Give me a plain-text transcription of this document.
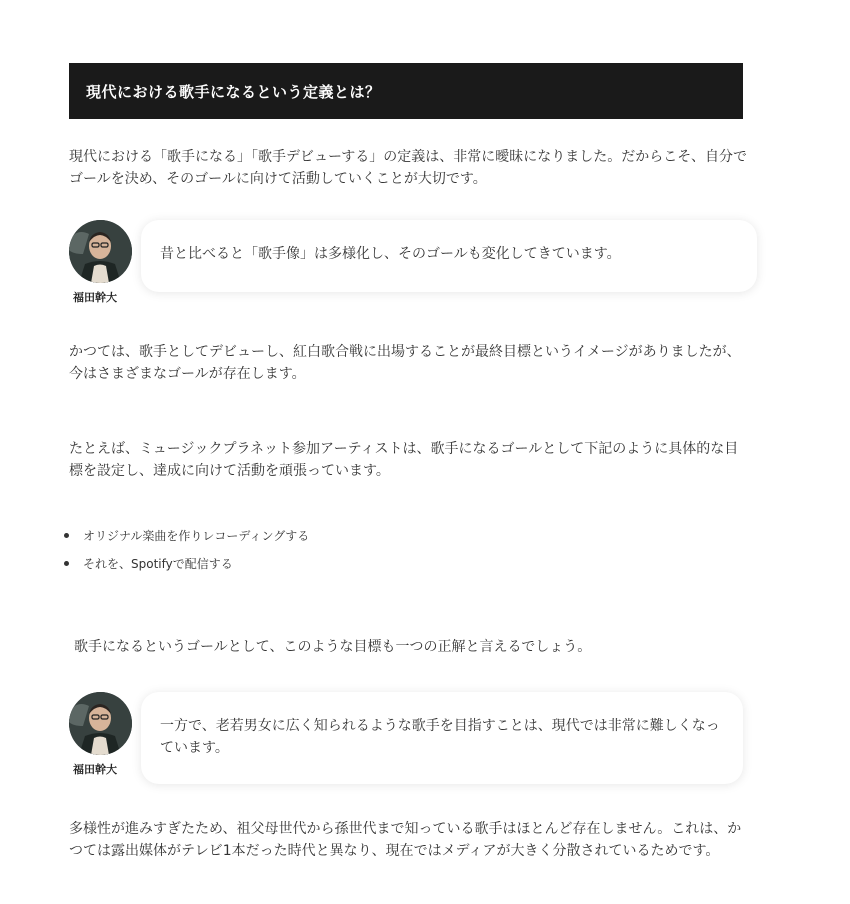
現代における歌手になるという定義とは？

現代における「歌手になる」「歌手デビューする」の定義は、非常に曖昧になりました。だからこそ、自分でゴールを決め、そのゴールに向けて活動していくことが大切です。

福田幹大
昔と比べると「歌手像」は多様化し、そのゴールも変化してきています。

かつては、歌手としてデビューし、紅白歌合戦に出場することが最終目標というイメージがありましたが、今はさまざまなゴールが存在します。

たとえば、ミュージックプラネット参加アーティストは、歌手になるゴールとして下記のように具体的な目標を設定し、達成に向けて活動を頑張っています。

オリジナル楽曲を作りレコーディングする
それを、Spotifyで配信する

歌手になるというゴールとして、このような目標も一つの正解と言えるでしょう。

福田幹大
一方で、老若男女に広く知られるような歌手を目指すことは、現代では非常に難しくなっています。

多様性が進みすぎたため、祖父母世代から孫世代まで知っている歌手はほとんど存在しません。これは、かつては露出媒体がテレビ1本だった時代と異なり、現在ではメディアが大きく分散されているためです。
